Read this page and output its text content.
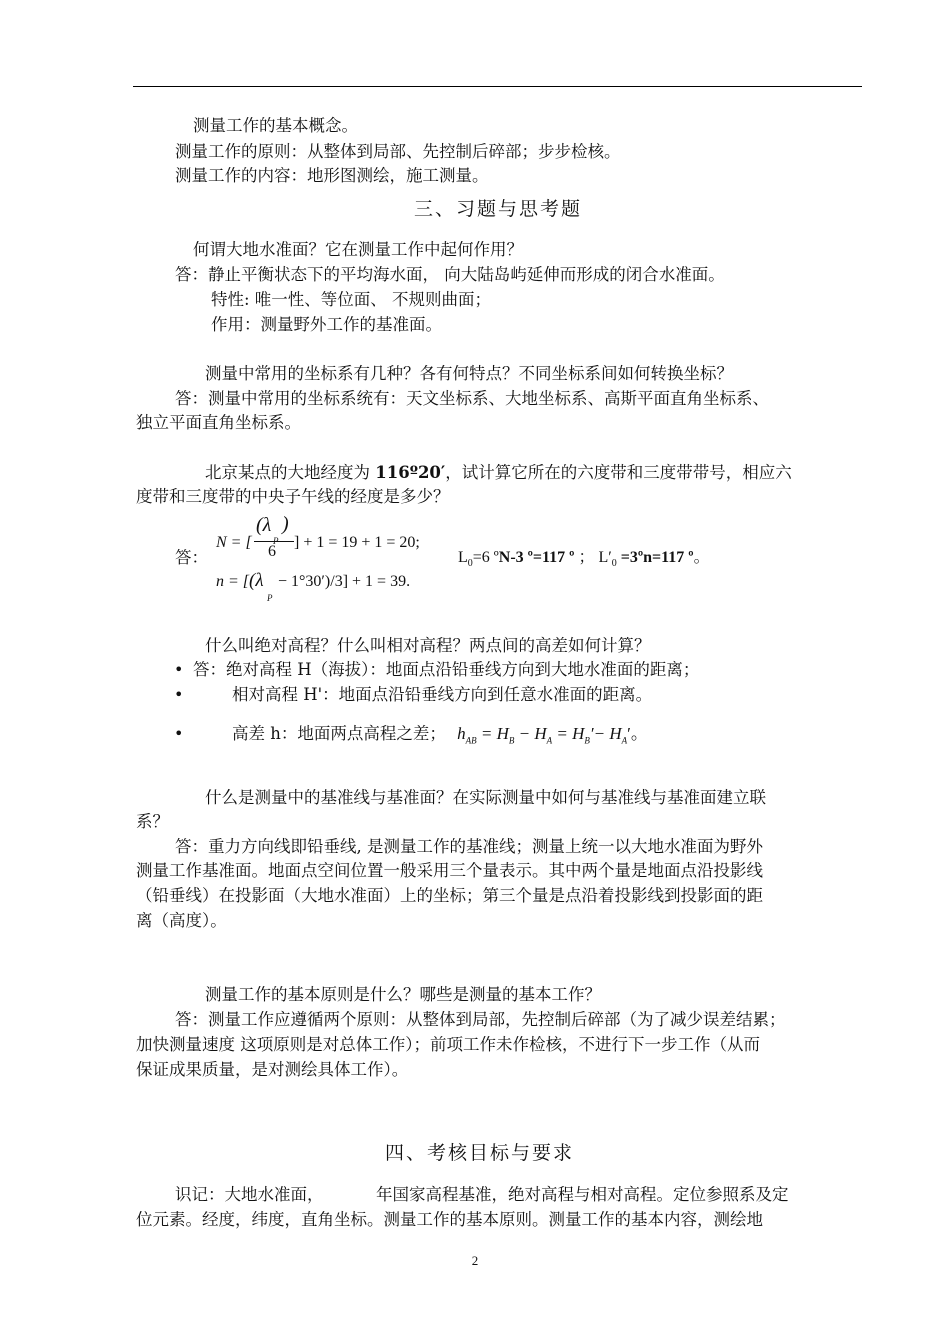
测量工作的基本概念。
测量工作的原则：从整体到局部、先控制后碎部；步步检核。
测量工作的内容：地形图测绘，施工测量。
三、习题与思考题
何谓大地水准面？它在测量工作中起何作用？
答：静止平衡状态下的平均海水面， 向大陆岛屿延伸而形成的闭合水准面。
特性: 唯一性、等位面、 不规则曲面；
作用：测量野外工作的基准面。
测量中常用的坐标系有几种？各有何特点？不同坐标系间如何转换坐标？
答：测量中常用的坐标系统有：天文坐标系、大地坐标系、高斯平面直角坐标系、
独立平面直角坐标系。
北京某点的大地经度为 116º20′，试计算它所在的六度带和三度带带号，相应六
度带和三度带的中央子午线的经度是多少？
答：
N = [
(λ )
P
6
] + 1 = 19 + 1 = 20;
n = [ (λ
P
− 1°30′)/3] + 1 = 39.
$L_0=6$ ºN-3 º=117 º ； $L'_0$ =3ºn=117 º。
什么叫绝对高程？什么叫相对高程？两点间的高差如何计算？
• 答：绝对高程 H（海拔）：地面点沿铅垂线方向到大地水准面的距离；
•	相对高程 H'：地面点沿铅垂线方向到任意水准面的距离。
•	高差 h：地面两点高程之差； $h_{AB} = H_B - H_A = H_B'- H_A'$。
什么是测量中的基准线与基准面？在实际测量中如何与基准线与基准面建立联
系？
答：重力方向线即铅垂线, 是测量工作的基准线；测量上统一以大地水准面为野外
测量工作基准面。地面点空间位置一般采用三个量表示。其中两个量是地面点沿投影线
（铅垂线）在投影面（大地水准面）上的坐标；第三个量是点沿着投影线到投影面的距
离（高度）。
测量工作的基本原则是什么？哪些是测量的基本工作？
答：测量工作应遵循两个原则：从整体到局部，先控制后碎部（为了减少误差结累；
加快测量速度 这项原则是对总体工作）；前项工作未作检核，不进行下一步工作（从而
保证成果质量，是对测绘具体工作）。
四、考核目标与要求
识记：大地水准面，          年国家高程基准，绝对高程与相对高程。定位参照系及定
位元素。经度，纬度，直角坐标。测量工作的基本原则。测量工作的基本内容，测绘地
2
